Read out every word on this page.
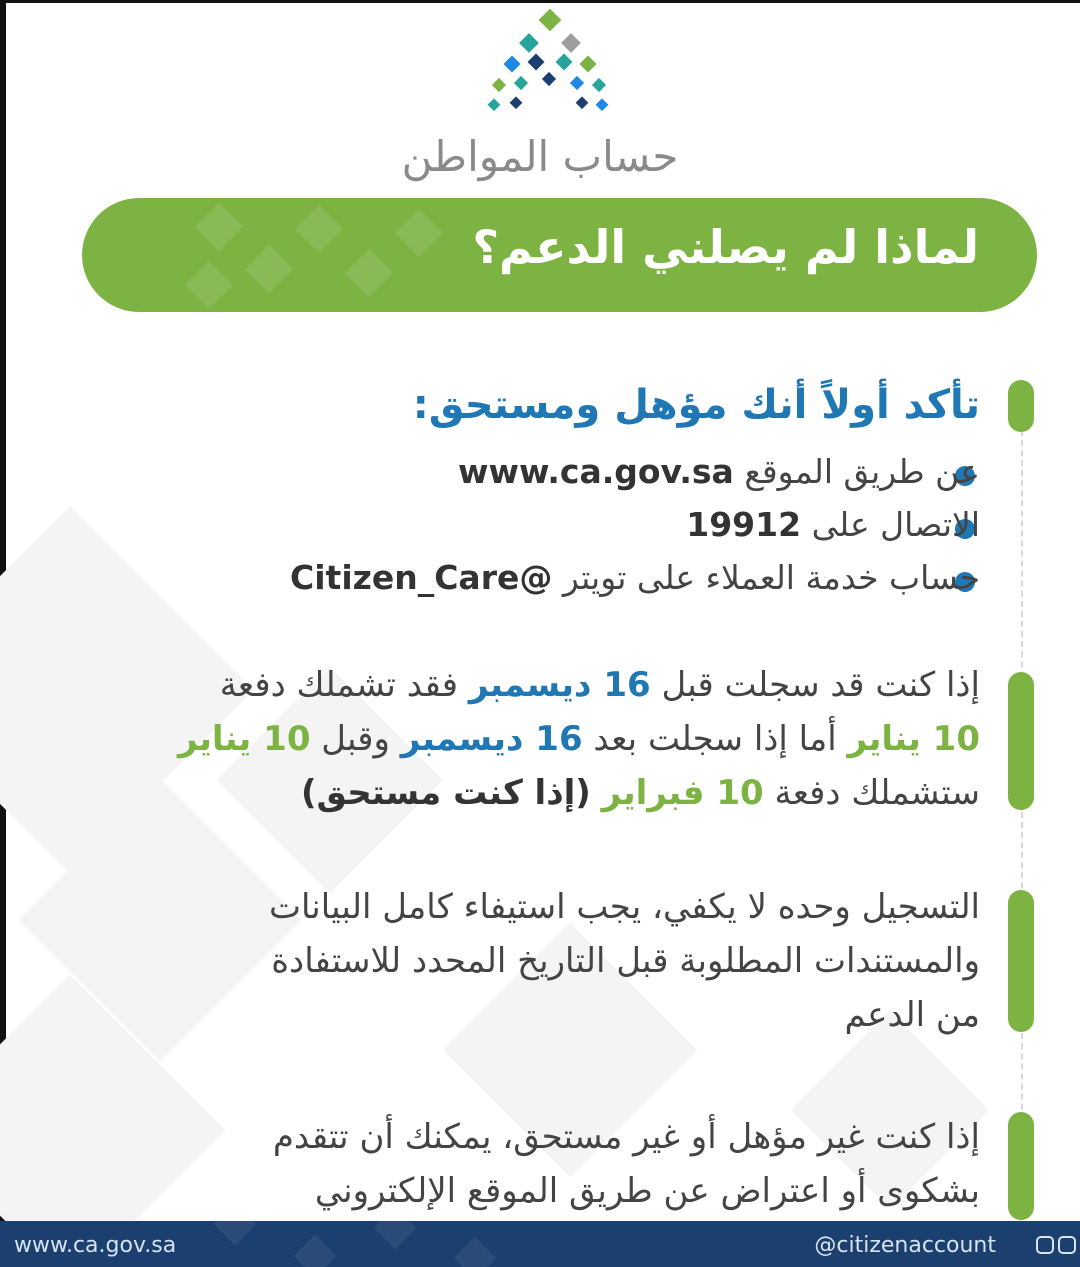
حساب المواطن
لماذا لم يصلني الدعم؟
تأكد أولاً أنك مؤهل ومستحق:
عن طريق الموقع www.ca.gov.sa
الاتصال على 19912
حساب خدمة العملاء على تويتر @Citizen_Care
إذا كنت قد سجلت قبل 16 ديسمبر فقد تشملك دفعة
10 يناير أما إذا سجلت بعد 16 ديسمبر وقبل 10 يناير
ستشملك دفعة 10 فبراير (إذا كنت مستحق)
التسجيل وحده لا يكفي، يجب استيفاء كامل البيانات
والمستندات المطلوبة قبل التاريخ المحدد للاستفادة
من الدعم
إذا كنت غير مؤهل أو غير مستحق، يمكنك أن تتقدم
بشكوى أو اعتراض عن طريق الموقع الإلكتروني
www.ca.gov.sa	@citizenaccount
